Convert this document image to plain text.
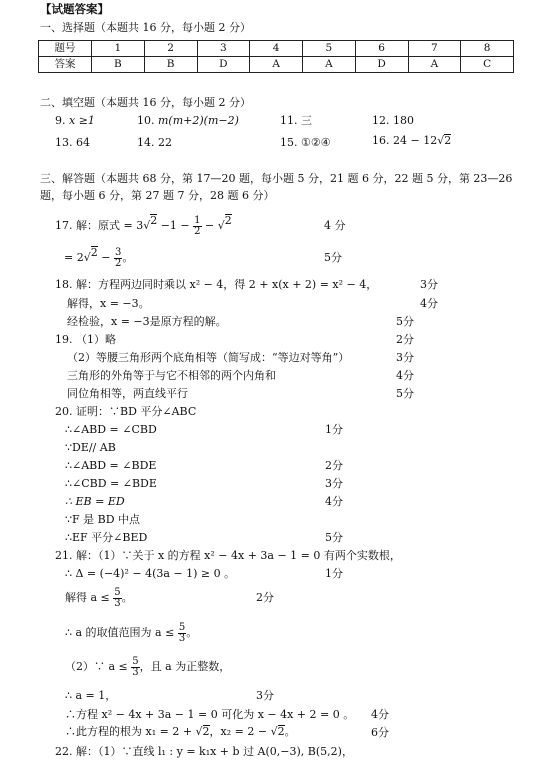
【试题答案】
一、选择题（本题共 16 分，每小题 2 分）
题号	1	2	3	4	5	6	7	8
答案	B	B	D	A	A	D	A	C
二、填空题（本题共 16 分，每小题 2 分）
9. x ≥1	10. m(m+2)(m−2)	11. 三	12. 180
13. 64	14. 22	15. ①②④	16. 24 − 12 √ 2
三、解答题（本题共 68 分，第 17—20 题，每小题 5 分，21 题 6 分，22 题 5 分，第 23—26
题，每小题 6 分，第 27 题 7 分，28 题 6 分）
17. 解：原式 = 3 √ $2 -1 - \frac{1}{2}$ − √ 2	4 分
= 2 √ $2 - \frac{3}{2}$ 。	5分
18. 解：方程两边同时乘以 x² − 4，得 2 + x(x + 2) = x² − 4，	3分
解得，x = −3。	4分
经检验，x = −3是原方程的解。	5分
19. （1）略	2分
（2）等腰三角形两个底角相等（简写成：“等边对等角”）	3分
三角形的外角等于与它不相邻的两个内角和	4分
同位角相等，两直线平行	5分
20. 证明：∵BD 平分∠ABC
∴∠ABD = ∠CBD	1分
∵DE// AB
∴∠ABD = ∠BDE	2分
∴∠CBD = ∠BDE	3分
∴ EB = ED	4分
∵F 是 BD 中点
∴EF 平分∠BED	5分
21. 解：（1）∵关于 x 的方程 x² − 4x + 3a − 1 = 0 有两个实数根，
∴ Δ = (−4)² − 4(3a − 1) ≥ 0 。	1分
解得 $a \le \frac{5}{3}$ 。	2分
∴ a 的取值范围为 $a \le \frac{5}{3}$ 。
（2）∵ $a \le \frac{5}{3}$ ，且 a 为正整数，
∴ a = 1，	3分
∴方程 x² − 4x + 3a − 1 = 0 可化为 x − 4x + 2 = 0 。 4分
∴此方程的根为 x₁ = 2 + √ 2 ，x₂ = 2 − √ 2 。	6分
22. 解：（1）∵直线 l₁ : y = k₁x + b 过 A(0,−3), B(5,2)，
